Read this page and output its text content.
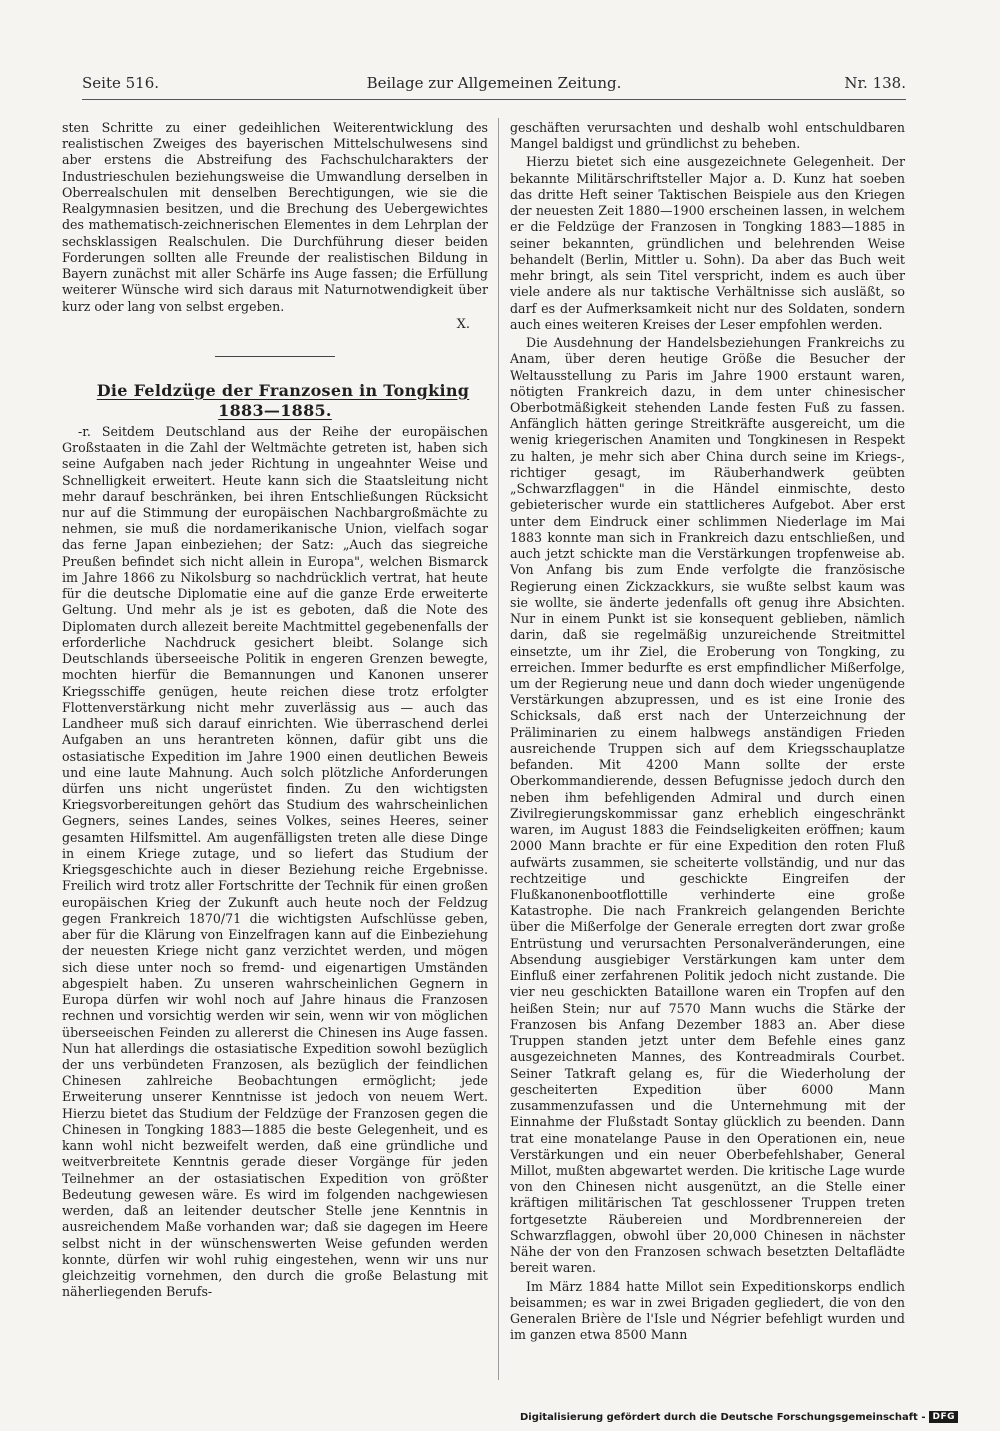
Seite 516.	Beilage zur Allgemeinen Zeitung.	Nr. 138.

sten Schritte zu einer gedeihlichen Weiterentwicklung des realistischen Zweiges des bayerischen Mittelschulwesens sind aber erstens die Abstreifung des Fachschulcharakters der Industrieschulen beziehungsweise die Umwandlung derselben in Oberrealschulen mit denselben Berechtigungen, wie sie die Realgymnasien besitzen, und die Brechung des Uebergewichtes des mathematisch-zeichnerischen Elementes in dem Lehrplan der sechsklassigen Realschulen. Die Durchführung dieser beiden Forderungen sollten alle Freunde der realistischen Bildung in Bayern zunächst mit aller Schärfe ins Auge fassen; die Erfüllung weiterer Wünsche wird sich daraus mit Naturnotwendigkeit über kurz oder lang von selbst ergeben.

X.

Die Feldzüge der Franzosen in Tongking 1883—1885.

-r. Seitdem Deutschland aus der Reihe der europäischen Großstaaten in die Zahl der Weltmächte getreten ist, haben sich seine Aufgaben nach jeder Richtung in ungeahnter Weise und Schnelligkeit erweitert. Heute kann sich die Staatsleitung nicht mehr darauf beschränken, bei ihren Entschließungen Rücksicht nur auf die Stimmung der europäischen Nachbargroßmächte zu nehmen, sie muß die nordamerikanische Union, vielfach sogar das ferne Japan einbeziehen; der Satz: „Auch das siegreiche Preußen befindet sich nicht allein in Europa", welchen Bismarck im Jahre 1866 zu Nikolsburg so nachdrücklich vertrat, hat heute für die deutsche Diplomatie eine auf die ganze Erde erweiterte Geltung. Und mehr als je ist es geboten, daß die Note des Diplomaten durch allezeit bereite Machtmittel gegebenenfalls der erforderliche Nachdruck gesichert bleibt. Solange sich Deutschlands überseeische Politik in engeren Grenzen bewegte, mochten hierfür die Bemannungen und Kanonen unserer Kriegsschiffe genügen, heute reichen diese trotz erfolgter Flottenverstärkung nicht mehr zuverlässig aus — auch das Landheer muß sich darauf einrichten. Wie überraschend derlei Aufgaben an uns herantreten können, dafür gibt uns die ostasiatische Expedition im Jahre 1900 einen deutlichen Beweis und eine laute Mahnung. Auch solch plötzliche Anforderungen dürfen uns nicht ungerüstet finden. Zu den wichtigsten Kriegsvorbereitungen gehört das Studium des wahrscheinlichen Gegners, seines Landes, seines Volkes, seines Heeres, seiner gesamten Hilfsmittel. Am augenfälligsten treten alle diese Dinge in einem Kriege zutage, und so liefert das Studium der Kriegsgeschichte auch in dieser Beziehung reiche Ergebnisse. Freilich wird trotz aller Fortschritte der Technik für einen großen europäischen Krieg der Zukunft auch heute noch der Feldzug gegen Frankreich 1870/71 die wichtigsten Aufschlüsse geben, aber für die Klärung von Einzelfragen kann auf die Einbeziehung der neuesten Kriege nicht ganz verzichtet werden, und mögen sich diese unter noch so fremd- und eigenartigen Umständen abgespielt haben. Zu unseren wahrscheinlichen Gegnern in Europa dürfen wir wohl noch auf Jahre hinaus die Franzosen rechnen und vorsichtig werden wir sein, wenn wir von möglichen überseeischen Feinden zu allererst die Chinesen ins Auge fassen. Nun hat allerdings die ostasiatische Expedition sowohl bezüglich der uns verbündeten Franzosen, als bezüglich der feindlichen Chinesen zahlreiche Beobachtungen ermöglicht; jede Erweiterung unserer Kenntnisse ist jedoch von neuem Wert. Hierzu bietet das Studium der Feldzüge der Franzosen gegen die Chinesen in Tongking 1883—1885 die beste Gelegenheit, und es kann wohl nicht bezweifelt werden, daß eine gründliche und weitverbreitete Kenntnis gerade dieser Vorgänge für jeden Teilnehmer an der ostasiatischen Expedition von größter Bedeutung gewesen wäre. Es wird im folgenden nachgewiesen werden, daß an leitender deutscher Stelle jene Kenntnis in ausreichendem Maße vorhanden war; daß sie dagegen im Heere selbst nicht in der wünschenswerten Weise gefunden werden konnte, dürfen wir wohl ruhig eingestehen, wenn wir uns nur gleichzeitig vornehmen, den durch die große Belastung mit näherliegenden Berufs-

geschäften verursachten und deshalb wohl entschuldbaren Mangel baldigst und gründlichst zu beheben.

Hierzu bietet sich eine ausgezeichnete Gelegenheit. Der bekannte Militärschriftsteller Major a. D. Kunz hat soeben das dritte Heft seiner Taktischen Beispiele aus den Kriegen der neuesten Zeit 1880—1900 erscheinen lassen, in welchem er die Feldzüge der Franzosen in Tongking 1883—1885 in seiner bekannten, gründlichen und belehrenden Weise behandelt (Berlin, Mittler u. Sohn). Da aber das Buch weit mehr bringt, als sein Titel verspricht, indem es auch über viele andere als nur taktische Verhältnisse sich ausläßt, so darf es der Aufmerksamkeit nicht nur des Soldaten, sondern auch eines weiteren Kreises der Leser empfohlen werden.

Die Ausdehnung der Handelsbeziehungen Frankreichs zu Anam, über deren heutige Größe die Besucher der Weltausstellung zu Paris im Jahre 1900 erstaunt waren, nötigten Frankreich dazu, in dem unter chinesischer Oberbotmäßigkeit stehenden Lande festen Fuß zu fassen. Anfänglich hätten geringe Streitkräfte ausgereicht, um die wenig kriegerischen Anamiten und Tongkinesen in Respekt zu halten, je mehr sich aber China durch seine im Kriegs-, richtiger gesagt, im Räuberhandwerk geübten „Schwarzflaggen" in die Händel einmischte, desto gebieterischer wurde ein stattlicheres Aufgebot. Aber erst unter dem Eindruck einer schlimmen Niederlage im Mai 1883 konnte man sich in Frankreich dazu entschließen, und auch jetzt schickte man die Verstärkungen tropfenweise ab. Von Anfang bis zum Ende verfolgte die französische Regierung einen Zickzackkurs, sie wußte selbst kaum was sie wollte, sie änderte jedenfalls oft genug ihre Absichten. Nur in einem Punkt ist sie konsequent geblieben, nämlich darin, daß sie regelmäßig unzureichende Streitmittel einsetzte, um ihr Ziel, die Eroberung von Tongking, zu erreichen. Immer bedurfte es erst empfindlicher Mißerfolge, um der Regierung neue und dann doch wieder ungenügende Verstärkungen abzupressen, und es ist eine Ironie des Schicksals, daß erst nach der Unterzeichnung der Präliminarien zu einem halbwegs anständigen Frieden ausreichende Truppen sich auf dem Kriegsschauplatze befanden. Mit 4200 Mann sollte der erste Oberkommandierende, dessen Befugnisse jedoch durch den neben ihm befehligenden Admiral und durch einen Zivilregierungskommissar ganz erheblich eingeschränkt waren, im August 1883 die Feindseligkeiten eröffnen; kaum 2000 Mann brachte er für eine Expedition den roten Fluß aufwärts zusammen, sie scheiterte vollständig, und nur das rechtzeitige und geschickte Eingreifen der Flußkanonenbootflottille verhinderte eine große Katastrophe. Die nach Frankreich gelangenden Berichte über die Mißerfolge der Generale erregten dort zwar große Entrüstung und verursachten Personalveränderungen, eine Absendung ausgiebiger Verstärkungen kam unter dem Einfluß einer zerfahrenen Politik jedoch nicht zustande. Die vier neu geschickten Bataillone waren ein Tropfen auf den heißen Stein; nur auf 7570 Mann wuchs die Stärke der Franzosen bis Anfang Dezember 1883 an. Aber diese Truppen standen jetzt unter dem Befehle eines ganz ausgezeichneten Mannes, des Kontreadmirals Courbet. Seiner Tatkraft gelang es, für die Wiederholung der gescheiterten Expedition über 6000 Mann zusammenzufassen und die Unternehmung mit der Einnahme der Flußstadt Sontay glücklich zu beenden. Dann trat eine monatelange Pause in den Operationen ein, neue Verstärkungen und ein neuer Oberbefehlshaber, General Millot, mußten abgewartet werden. Die kritische Lage wurde von den Chinesen nicht ausgenützt, an die Stelle einer kräftigen militärischen Tat geschlossener Truppen treten fortgesetzte Räubereien und Mordbrennereien der Schwarzflaggen, obwohl über 20,000 Chinesen in nächster Nähe der von den Franzosen schwach besetzten Deltaflädte bereit waren.

Im März 1884 hatte Millot sein Expeditionskorps endlich beisammen; es war in zwei Brigaden gegliedert, die von den Generalen Brière de l'Isle und Négrier befehligt wurden und im ganzen etwa 8500 Mann

Digitalisierung gefördert durch die Deutsche Forschungsgemeinschaft - DFG
